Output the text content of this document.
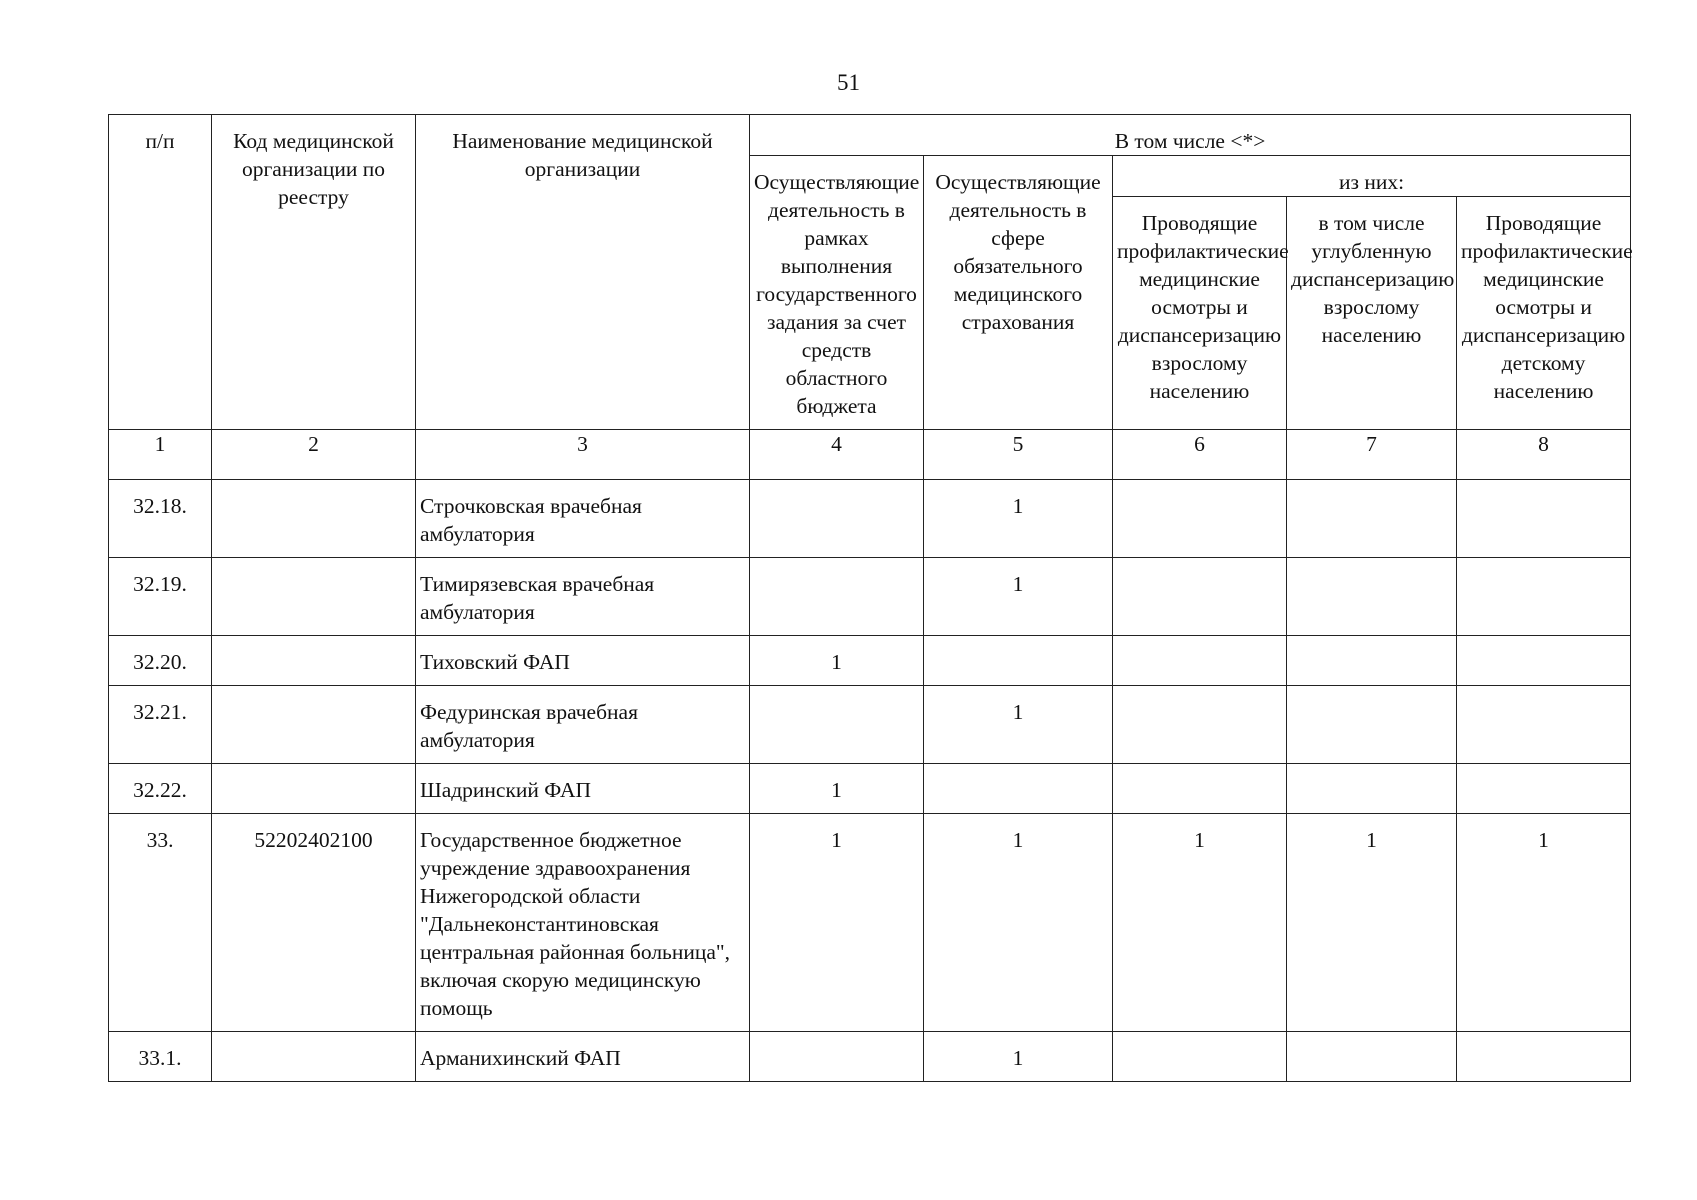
51
п/п	Код медицинской организации по реестру	Наименование медицинской организации	В том числе <*>				
			Осуществляющие деятельность в рамках выполнения государственного задания за счет средств областного бюджета	Осуществляющие деятельность в сфере обязательного медицинского страхования	из них:		
					Проводящие профилактические медицинские осмотры и диспансеризацию взрослому населению	в том числе углубленную диспансеризацию взрослому населению	Проводящие профилактические медицинские осмотры и диспансеризацию детскому населению
1	2	3	4	5	6	7	8
32.18.		Строчковская врачебная амбулатория		1			
32.19.		Тимирязевская врачебная амбулатория		1			
32.20.		Тиховский ФАП	1				
32.21.		Федуринская врачебная амбулатория		1			
32.22.		Шадринский ФАП	1				
33.	52202402100	Государственное бюджетное учреждение здравоохранения Нижегородской области "Дальнеконстантиновская центральная районная больница", включая скорую медицинскую помощь	1	1	1	1	1
33.1.		Арманихинский ФАП		1			
